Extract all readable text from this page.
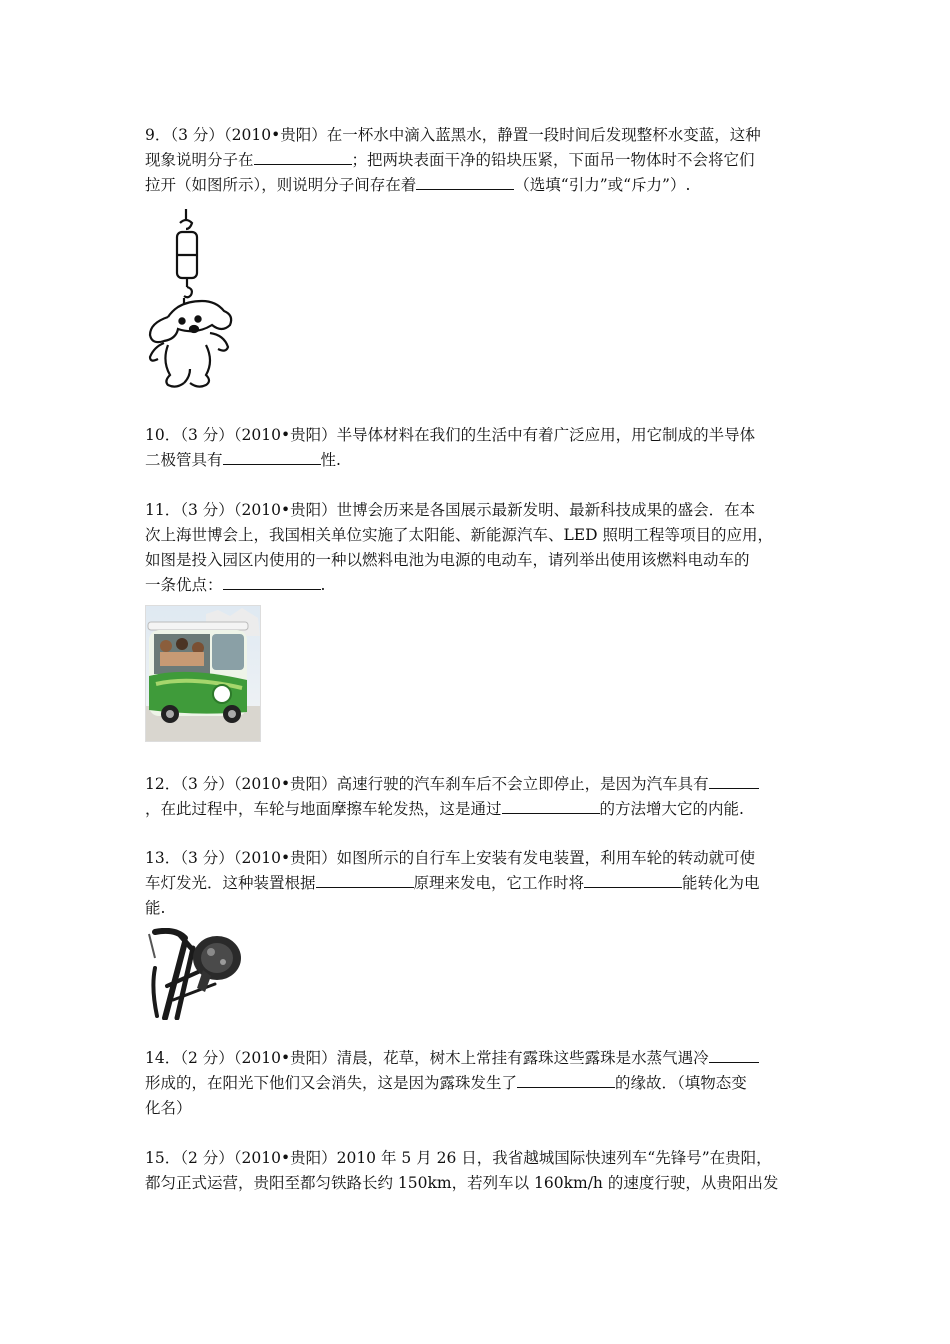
9．（3 分）（2010•贵阳）在一杯水中滴入蓝黑水，静置一段时间后发现整杯水变蓝，这种
现象说明分子在	；把两块表面干净的铅块压紧，下面吊一物体时不会将它们
拉开（如图所示），则说明分子间存在着	（选填“引力”或“斥力”）.
10．（3 分）（2010•贵阳）半导体材料在我们的生活中有着广泛应用，用它制成的半导体
二极管具有	性.
11．（3 分）（2010•贵阳）世博会历来是各国展示最新发明、最新科技成果的盛会．在本
次上海世博会上，我国相关单位实施了太阳能、新能源汽车、LED 照明工程等项目的应用，
如图是投入园区内使用的一种以燃料电池为电源的电动车，请列举出使用该燃料电动车的
一条优点：	.
12．（3 分）（2010•贵阳）高速行驶的汽车刹车后不会立即停止，是因为汽车具有
，在此过程中，车轮与地面摩擦车轮发热，这是通过	的方法增大它的内能.
13．（3 分）（2010•贵阳）如图所示的自行车上安装有发电装置，利用车轮的转动就可使
车灯发光．这种装置根据	原理来发电，它工作时将	能转化为电
能.
14．（2 分）（2010•贵阳）清晨，花草，树木上常挂有露珠这些露珠是水蒸气遇冷
形成的，在阳光下他们又会消失，这是因为露珠发生了	的缘故．（填物态变
化名）
15．（2 分）（2010•贵阳）2010 年 5 月 26 日，我省越城国际快速列车“先锋号”在贵阳，
都匀正式运营，贵阳至都匀铁路长约 150km，若列车以 160km/h 的速度行驶，从贵阳出发
